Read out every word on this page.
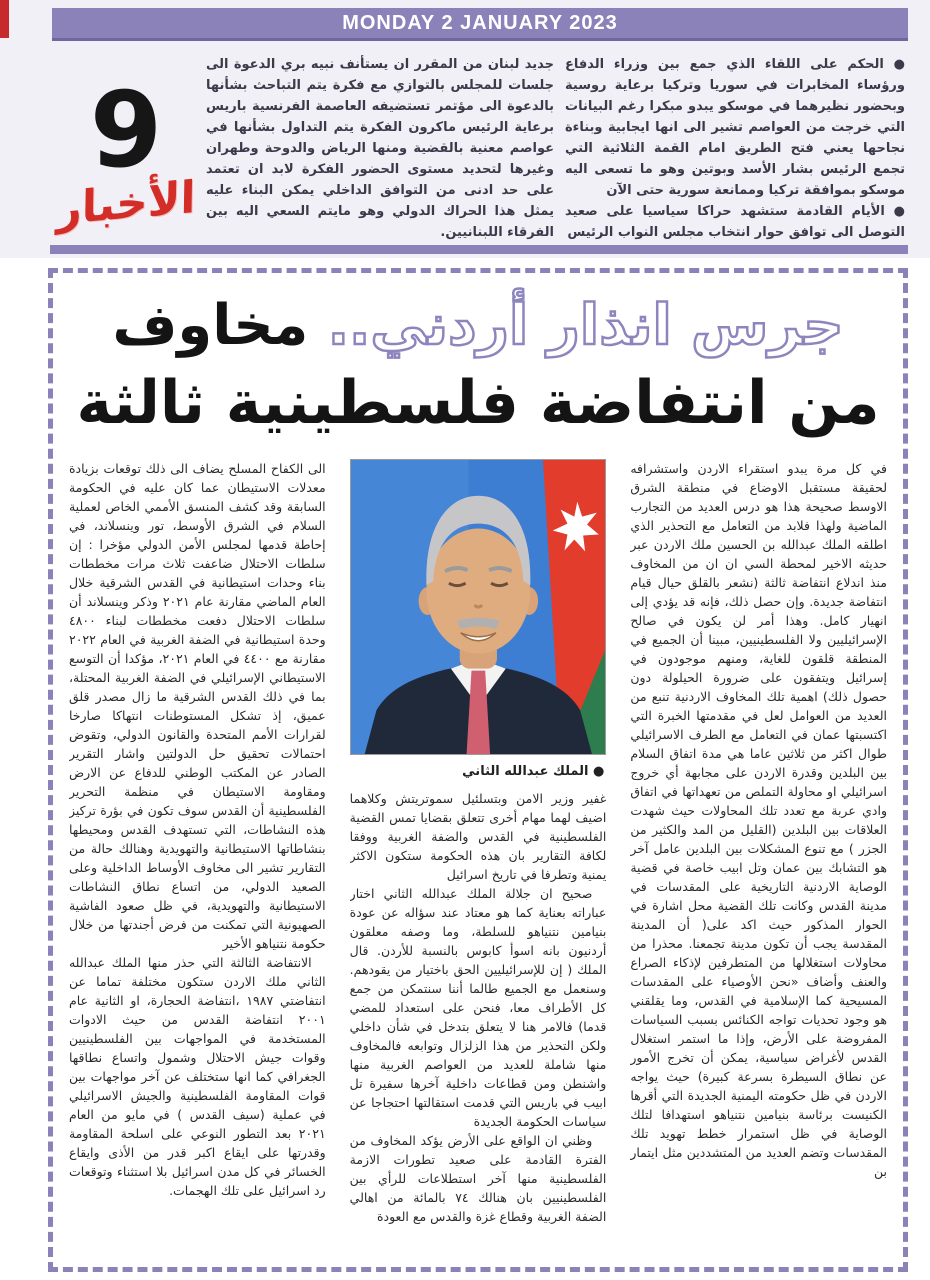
MONDAY 2 JANUARY 2023
9
الأخبار

● الحكم على اللقاء الذي جمع بين وزراء الدفاع ورؤساء المخابرات في سوريا وتركيا برعاية روسية وبحضور نظيرهما في موسكو يبدو مبكرا رغم البيانات التي خرجت من العواصم تشير الى انها ايجابية وبناءة نجاحها يعني فتح الطريق امام القمة الثلاثية التي تجمع الرئيس بشار الأسد وبوتين وهو ما تسعى اليه موسكو بموافقة تركيا وممانعة سورية حتى الآن

● الأيام القادمة ستشهد حراكا سياسيا على صعيد التوصل الى توافق حوار انتخاب مجلس النواب الرئيس

جديد لبنان من المقرر ان يستأنف نبيه بري الدعوة الى جلسات للمجلس بالتوازي مع فكرة يتم التباحث بشأنها بالدعوة الى مؤتمر تستضيفه العاصمة الفرنسية باريس برعاية الرئيس ماكرون الفكرة يتم التداول بشأنها في عواصم معنية بالقضية ومنها الرياض والدوحة وطهران وغيرها لتحديد مستوى الحضور الفكرة لابد ان تعتمد على حد ادنى من التوافق الداخلي يمكن البناء عليه يمثل هذا الحراك الدولي وهو مايتم السعي اليه بين الفرقاء اللبنانيين.

جرس انذار أردني.. مخاوف
من انتفاضة فلسطينية ثالثة

في كل مرة يبدو استقراء الاردن واستشرافه لحقيقة مستقبل الاوضاع في منطقة الشرق الاوسط صحيحة هذا هو درس العديد من التجارب الماضية ولهذا فلابد من التعامل مع التحذير الذي اطلقه الملك عبدالله بن الحسين ملك الاردن عبر حديثه الاخير لمحطة السي ان ان من المخاوف منذ اندلاع انتفاضة ثالثة (نشعر بالقلق حيال قيام انتفاضة جديدة. وإن حصل ذلك، فإنه قد يؤدي إلى انهيار كامل. وهذا أمر لن يكون في صالح الإسرائيليين ولا الفلسطينيين، مبينا أن الجميع في المنطقة قلقون للغاية، ومنهم موجودون في إسرائيل ويتفقون على ضرورة الحيلولة دون حصول ذلك) اهمية تلك المخاوف الاردنية تنبع من العديد من العوامل لعل في مقدمتها الخبرة التي اكتسبتها عمان في التعامل مع الطرف الاسرائيلي طوال اكثر من ثلاثين عاما هي مدة اتفاق السلام بين البلدين وقدرة الاردن على مجابهة أي خروج اسرائيلي او محاولة التملص من تعهداتها في اتفاق وادي عربة مع تعدد تلك المحاولات حيث شهدت العلاقات بين البلدين (القليل من المد والكثير من الجزر ) مع تنوع المشكلات بين البلدين عامل آخر هو التشابك بين عمان وتل ابيب خاصة في قضية الوصاية الاردنية التاريخية على المقدسات في مدينة القدس وكانت تلك القضية محل اشارة في الحوار المذكور حيث اكد على( أن المدينة المقدسة يجب أن تكون مدينة تجمعنا. محذرا من محاولات استغلالها من المتطرفين لإذكاء الصراع والعنف وأضاف «نحن الأوصياء على المقدسات المسيحية كما الإسلامية في القدس، وما يقلقني هو وجود تحديات تواجه الكنائس بسبب السياسات المفروضة على الأرض، وإذا ما استمر استغلال القدس لأغراض سياسية، يمكن أن تخرج الأمور عن نطاق السيطرة بسرعة كبيرة) حيث يواجه الاردن في ظل حكومته اليمنية الجديدة التي أقرها الكنيست برئاسة بنيامين نتنياهو استهدافا لتلك الوصاية في ظل استمرار خطط تهويد تلك المقدسات وتضم العديد من المتشددين مثل ايتمار بن

● الملك عبدالله الثاني

غفير وزير الامن وبتسلئيل سموتريتش وكلاهما اضيف لهما مهام أخرى تتعلق بقضايا تمس القضية الفلسطينية في القدس والضفة الغربية ووفقا لكافة التقارير بان هذه الحكومة ستكون الاكثر يمنية وتطرفا في تاريخ اسرائيل

صحيح ان جلالة الملك عبدالله الثاني اختار عباراته بعناية كما هو معتاد عند سؤاله عن عودة بنيامين نتنياهو للسلطة، وما وصفه معلقون أردنيون بانه اسوأ كابوس بالنسبة للأردن. قال الملك ( إن للإسرائيليين الحق باختيار من يقودهم. وسنعمل مع الجميع طالما أننا سنتمكن من جمع كل الأطراف معا، فنحن على استعداد للمضي قدما) فالامر هنا لا يتعلق بتدخل في شأن داخلي ولكن التحذير من هذا الزلزال وتوابعه فالمخاوف منها شاملة للعديد من العواصم الغربية منها واشنطن ومن قطاعات داخلية آخرها سفيرة تل ابيب في باريس التي قدمت استقالتها احتجاجا عن سياسات الحكومة الجديدة

وظني ان الواقع على الأرض يؤكد المخاوف من الفترة القادمة على صعيد تطورات الازمة الفلسطينية منها آخر استطلاعات للرأي بين الفلسطينيين بان هنالك ٧٤ بالمائة من اهالي الضفة الغربية وقطاع غزة والقدس مع العودة

الى الكفاح المسلح يضاف الى ذلك توقعات بزيادة معدلات الاستيطان عما كان عليه في الحكومة السابقة وقد كشف المنسق الأممي الخاص لعملية السلام في الشرق الأوسط، تور وينسلاند، في إحاطة قدمها لمجلس الأمن الدولي مؤخرا : إن سلطات الاحتلال ضاعفت ثلاث مرات مخططات بناء وحدات استيطانية في القدس الشرقية خلال العام الماضي مقارنة عام ٢٠٢١ وذكر وينسلاند أن سلطات الاحتلال دفعت مخططات لبناء ٤٨٠٠ وحدة استيطانية في الضفة الغربية في العام ٢٠٢٢ مقارنة مع ٤٤٠٠ في العام ٢٠٢١، مؤكدا أن التوسع الاستيطاني الإسرائيلي في الضفة الغربية المحتلة، بما في ذلك القدس الشرقية ما زال مصدر قلق عميق، إذ تشكل المستوطنات انتهاكا صارخا لقرارات الأمم المتحدة والقانون الدولي، وتقوض احتمالات تحقيق حل الدولتين واشار التقرير الصادر عن المكتب الوطني للدفاع عن الارض ومقاومة الاستيطان في منظمة التحرير الفلسطينية أن القدس سوف تكون في بؤرة تركيز هذه النشاطات، التي تستهدف القدس ومحيطها بنشاطاتها الاستيطانية والتهويدية وهنالك حالة من التقارير تشير الى مخاوف الأوساط الداخلية وعلى الصعيد الدولي، من اتساع نطاق النشاطات الاستيطانية والتهويدية، في ظل صعود الفاشية الصهيونية التي تمكنت من فرض أجندتها من خلال حكومة نتنياهو الأخير

الانتفاضة الثالثة التي حذر منها الملك عبدالله الثاني ملك الاردن ستكون مختلفة تماما عن انتفاضتي ١٩٨٧ ،انتفاضة الحجارة، او الثانية عام ٢٠٠١ انتفاضة القدس من حيث الادوات المستخدمة في المواجهات بين الفلسطينيين وقوات جيش الاحتلال وشمول واتساع نطاقها الجغرافي كما انها ستختلف عن آخر مواجهات بين قوات المقاومة الفلسطينية والجيش الاسرائيلي في عملية (سيف القدس ) في مايو من العام ٢٠٢١ بعد التطور النوعي على اسلحة المقاومة وقدرتها على ايقاع اكبر قدر من الأذى وايقاع الخسائر في كل مدن اسرائيل بلا استثناء وتوقعات رد اسرائيل على تلك الهجمات.
